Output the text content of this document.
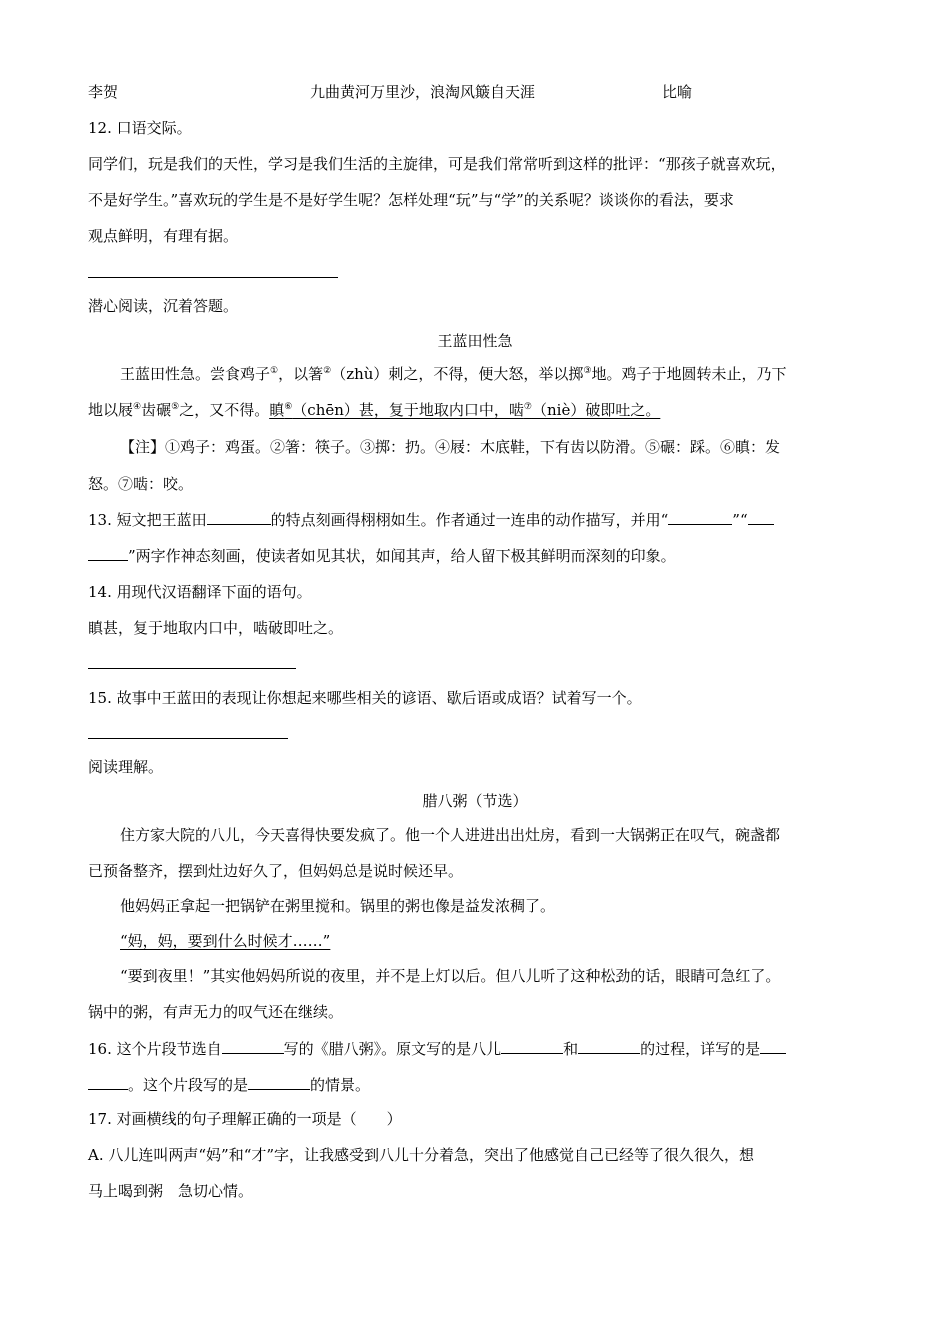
李贺	九曲黄河万里沙，浪淘风簸自天涯	比喻
12. 口语交际。
同学们，玩是我们的天性，学习是我们生活的主旋律，可是我们常常听到这样的批评：“那孩子就喜欢玩，
不是好学生。”喜欢玩的学生是不是好学生呢？怎样处理“玩”与“学”的关系呢？谈谈你的看法，要求
观点鲜明，有理有据。
潜心阅读，沉着答题。
王蓝田性急
王蓝田性急。尝食鸡子①，以箸②（zhù）刺之，不得，便大怒，举以掷③地。鸡子于地圆转未止，乃下
地以屐④齿碾⑤之，又不得。瞋⑥（chēn）甚，复于地取内口中，啮⑦（niè）破即吐之。
【注】①鸡子：鸡蛋。②箸：筷子。③掷：扔。④屐：木底鞋，下有齿以防滑。⑤碾：踩。⑥瞋：发
怒。⑦啮：咬。
13. 短文把王蓝田	的特点刻画得栩栩如生。作者通过一连串的动作描写，并用“	”“
”两字作神态刻画，使读者如见其状，如闻其声，给人留下极其鲜明而深刻的印象。
14. 用现代汉语翻译下面的语句。
瞋甚，复于地取内口中，啮破即吐之。
15. 故事中王蓝田的表现让你想起来哪些相关的谚语、歇后语或成语？试着写一个。
阅读理解。
腊八粥（节选）
住方家大院的八儿，今天喜得快要发疯了。他一个人进进出出灶房，看到一大锅粥正在叹气，碗盏都
已预备整齐，摆到灶边好久了，但妈妈总是说时候还早。
他妈妈正拿起一把锅铲在粥里搅和。锅里的粥也像是益发浓稠了。
“妈，妈，要到什么时候才……”
“要到夜里！”其实他妈妈所说的夜里，并不是上灯以后。但八儿听了这种松劲的话，眼睛可急红了。
锅中的粥，有声无力的叹气还在继续。
16. 这个片段节选自	写的《腊八粥》。原文写的是八儿	和	的过程，详写的是
。这个片段写的是	的情景。
17. 对画横线的句子理解正确的一项是（　　）
A. 八儿连叫两声“妈”和“才”字，让我感受到八儿十分着急，突出了他感觉自己已经等了很久很久，想
马上喝到粥　急切心情。
